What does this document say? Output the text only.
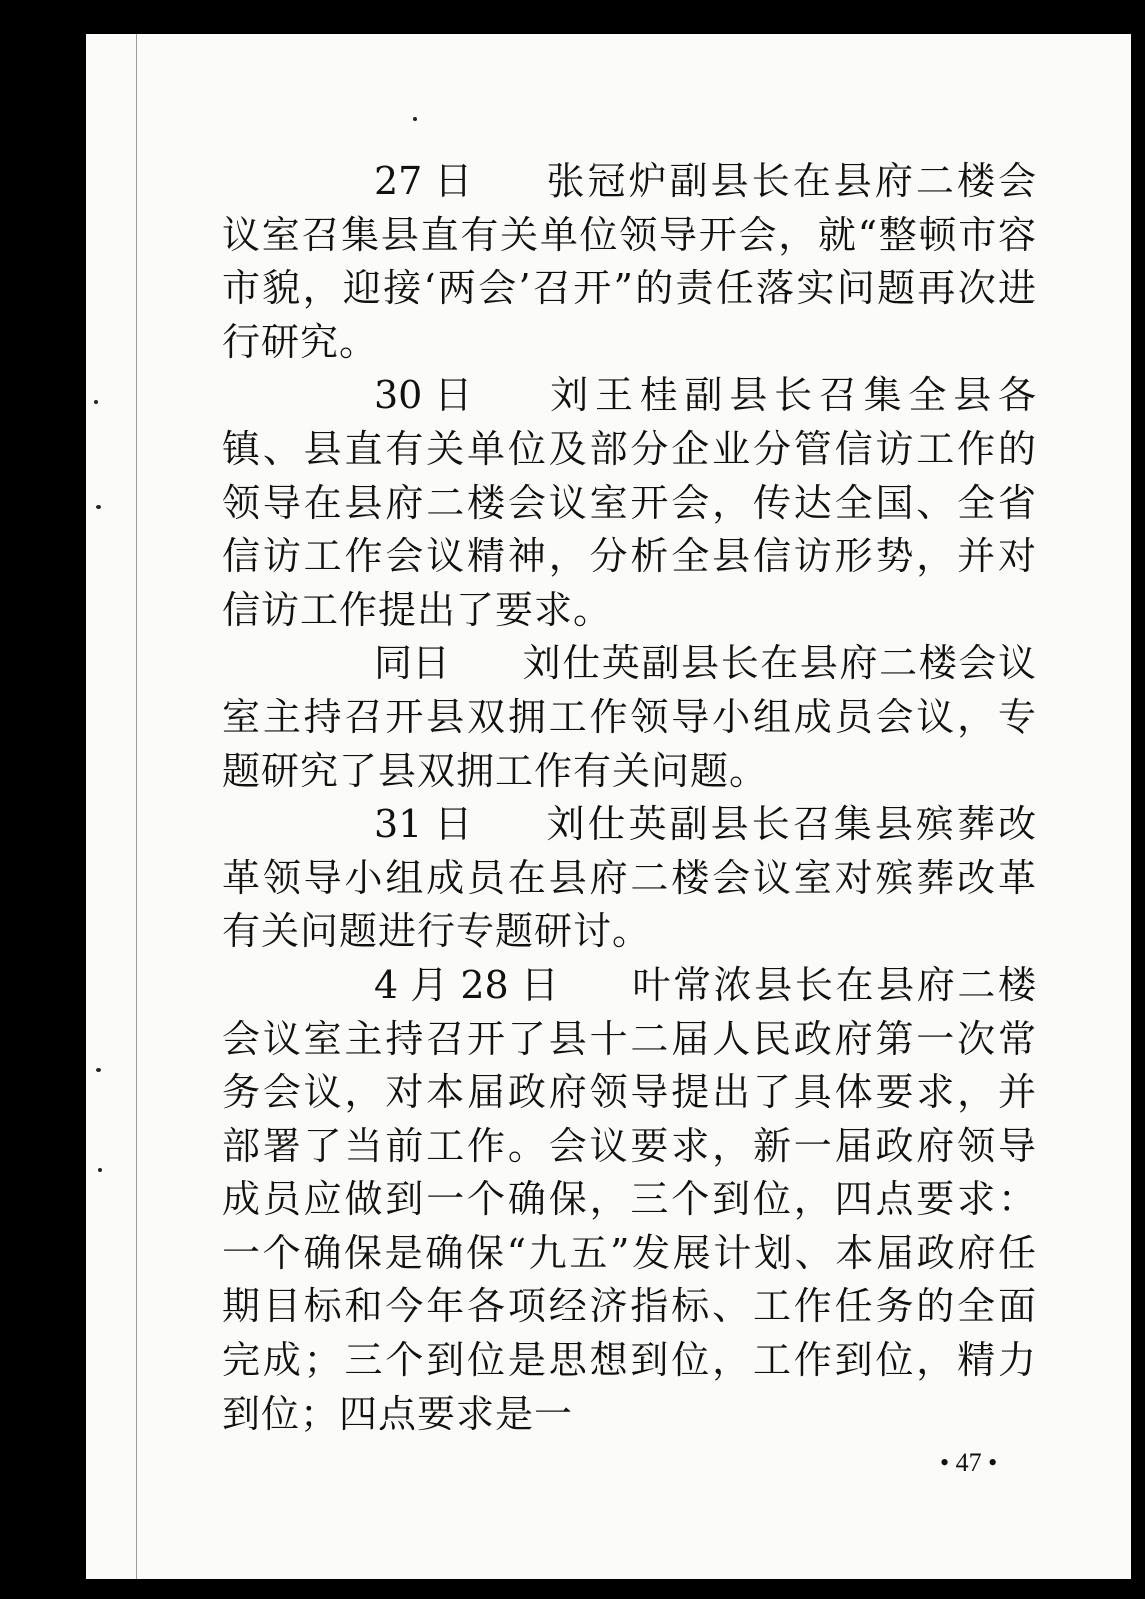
27 日 张冠炉副县长在县府二楼会议室召集县直有关单位领导开会，就“整顿市容市貌，迎接‘两会’召开”的责任落实问题再次进行研究。

30 日 刘王桂副县长召集全县各镇、县直有关单位及部分企业分管信访工作的领导在县府二楼会议室开会，传达全国、全省信访工作会议精神，分析全县信访形势，并对信访工作提出了要求。

同日 刘仕英副县长在县府二楼会议室主持召开县双拥工作领导小组成员会议，专题研究了县双拥工作有关问题。

31 日 刘仕英副县长召集县殡葬改革领导小组成员在县府二楼会议室对殡葬改革有关问题进行专题研讨。

4 月 28 日 叶常浓县长在县府二楼会议室主持召开了县十二届人民政府第一次常务会议，对本届政府领导提出了具体要求，并部署了当前工作。会议要求，新一届政府领导成员应做到一个确保，三个到位，四点要求：一个确保是确保“九五”发展计划、本届政府任期目标和今年各项经济指标、工作任务的全面完成；三个到位是思想到位，工作到位，精力到位；四点要求是一

• 47 •
